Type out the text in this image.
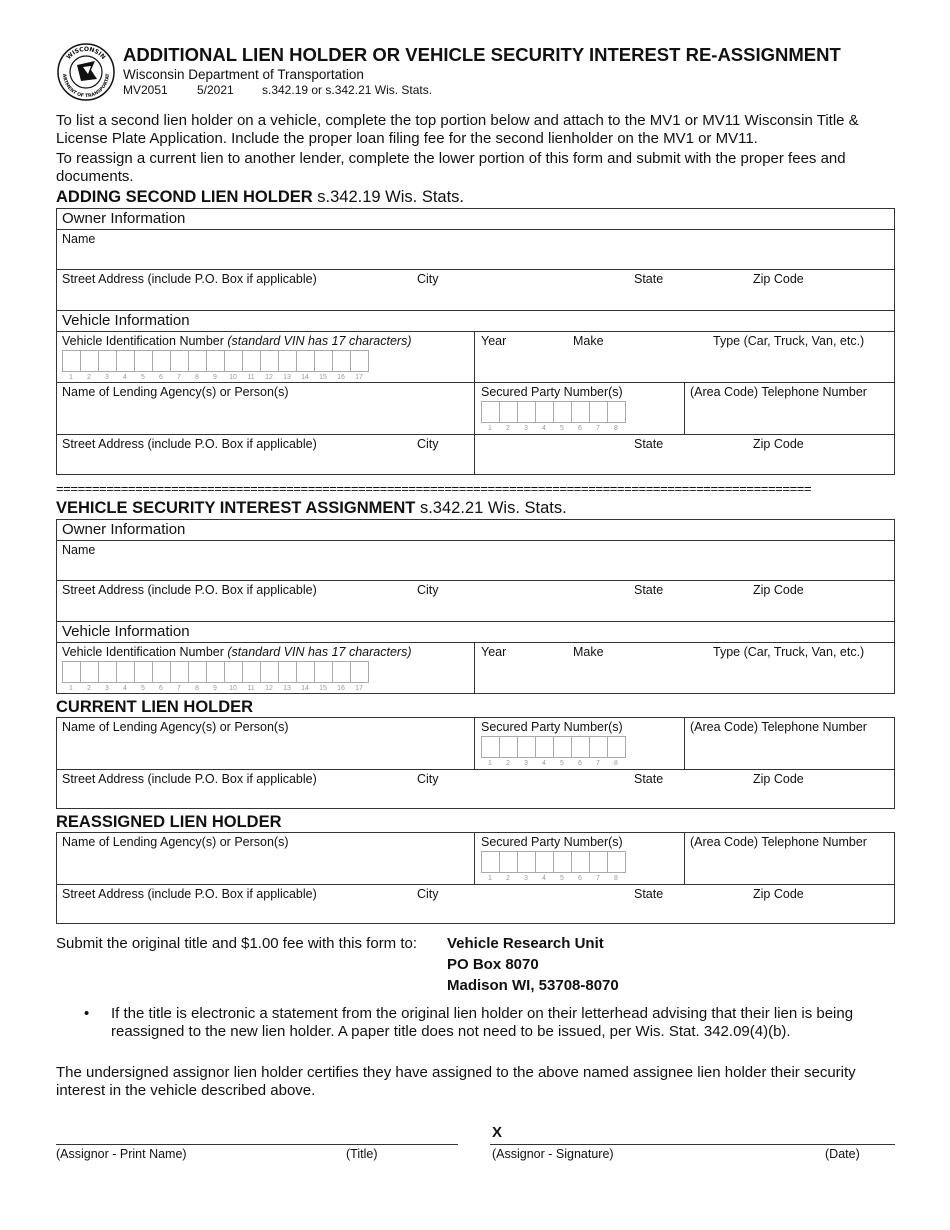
WISCONSIN
ARTMENT OF TRANSPORTAT
ADDITIONAL LIEN HOLDER OR VEHICLE SECURITY INTEREST RE-ASSIGNMENT
Wisconsin Department of Transportation
MV2051 5/2021 s.342.19 or s.342.21 Wis. Stats.
To list a second lien holder on a vehicle, complete the top portion below and attach to the MV1 or MV11 Wisconsin Title & License Plate Application. Include the proper loan filing fee for the second lienholder on the MV1 or MV11.
To reassign a current lien to another lender, complete the lower portion of this form and submit with the proper fees and documents.
ADDING SECOND LIEN HOLDER s.342.19 Wis. Stats.
Owner Information
Name
Street Address (include P.O. Box if applicable)	City	State	Zip Code
Vehicle Information
Vehicle Identification Number (standard VIN has 17 characters)
1	2	3	4	5	6	7	8	9	10	11	12	13	14	15	16	17
Year	Make	Type (Car, Truck, Van, etc.)
Name of Lending Agency(s) or Person(s)	Secured Party Number(s)
1	2	3	4	5	6	7	8
(Area Code) Telephone Number
Street Address (include P.O. Box if applicable)	City	State	Zip Code
=========================================================================================================
VEHICLE SECURITY INTEREST ASSIGNMENT s.342.21 Wis. Stats.
Owner Information
Name
Street Address (include P.O. Box if applicable)	City	State	Zip Code
Vehicle Information
Vehicle Identification Number (standard VIN has 17 characters)
1	2	3	4	5	6	7	8	9	10	11	12	13	14	15	16	17
Year	Make	Type (Car, Truck, Van, etc.)
CURRENT LIEN HOLDER
Name of Lending Agency(s) or Person(s)	Secured Party Number(s)
1	2	3	4	5	6	7	8
(Area Code) Telephone Number
Street Address (include P.O. Box if applicable)	City	State	Zip Code
REASSIGNED LIEN HOLDER
Name of Lending Agency(s) or Person(s)	Secured Party Number(s)
1	2	3	4	5	6	7	8
(Area Code) Telephone Number
Street Address (include P.O. Box if applicable)	City	State	Zip Code
Submit the original title and $1.00 fee with this form to: Vehicle Research Unit
PO Box 8070
Madison WI, 53708-8070
• If the title is electronic a statement from the original lien holder on their letterhead advising that their lien is being reassigned to the new lien holder. A paper title does not need to be issued, per Wis. Stat. 342.09(4)(b).
The undersigned assignor lien holder certifies they have assigned to the above named assignee lien holder their security interest in the vehicle described above.
X
(Assignor - Print Name)	(Title)	(Assignor - Signature)	(Date)
